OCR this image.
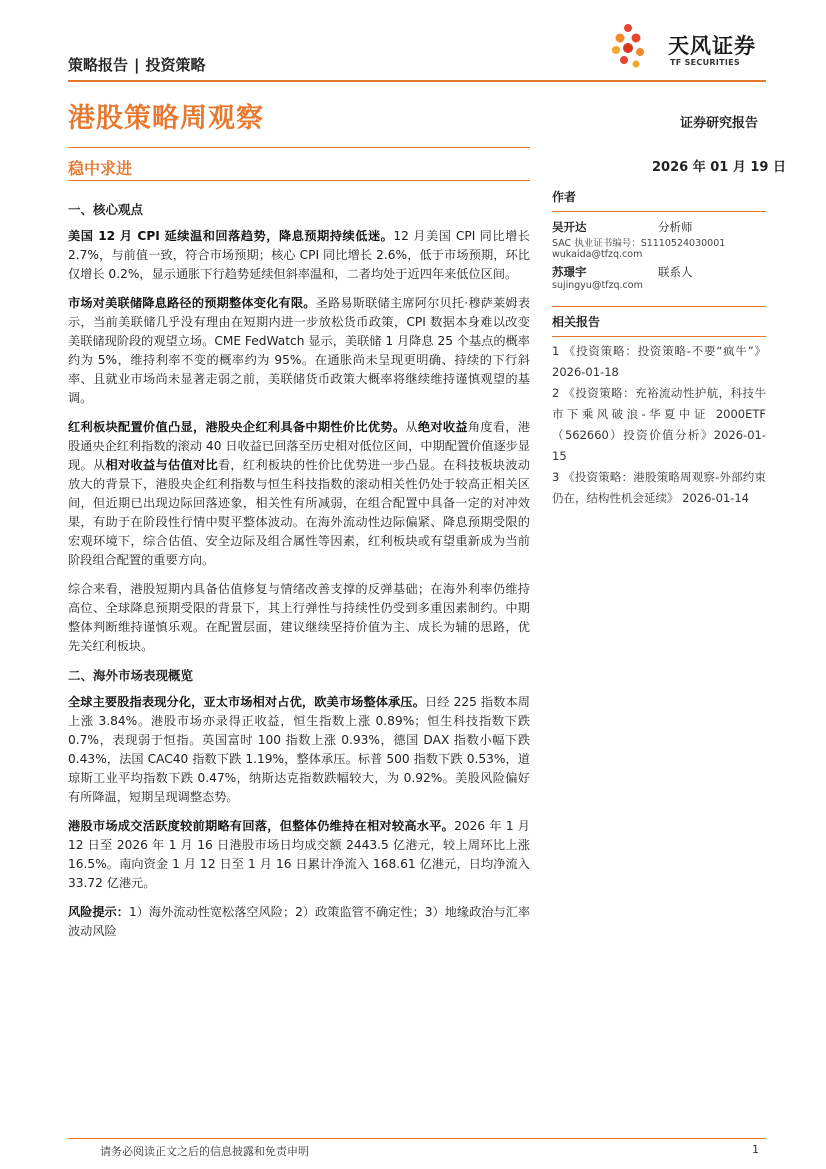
策略报告 | 投资策略
天风证券
TF SECURITIES
港股策略周观察	证券研究报告
稳中求进	2026 年 01 月 19 日
一、核心观点

美国 12 月 CPI 延续温和回落趋势，降息预期持续低迷。12 月美国 CPI 同比增长 2.7%，与前值一致，符合市场预期；核心 CPI 同比增长 2.6%，低于市场预期，环比仅增长 0.2%，显示通胀下行趋势延续但斜率温和，二者均处于近四年来低位区间。

市场对美联储降息路径的预期整体变化有限。圣路易斯联储主席阿尔贝托·穆萨莱姆表示，当前美联储几乎没有理由在短期内进一步放松货币政策，CPI 数据本身难以改变美联储现阶段的观望立场。CME FedWatch 显示，美联储 1 月降息 25 个基点的概率约为 5%，维持利率不变的概率约为 95%。在通胀尚未呈现更明确、持续的下行斜率、且就业市场尚未显著走弱之前，美联储货币政策大概率将继续维持谨慎观望的基调。

红利板块配置价值凸显，港股央企红利具备中期性价比优势。从绝对收益角度看，港股通央企红利指数的滚动 40 日收益已回落至历史相对低位区间，中期配置价值逐步显现。从相对收益与估值对比看，红利板块的性价比优势进一步凸显。在科技板块波动放大的背景下，港股央企红利指数与恒生科技指数的滚动相关性仍处于较高正相关区间，但近期已出现边际回落迹象，相关性有所减弱，在组合配置中具备一定的对冲效果，有助于在阶段性行情中熨平整体波动。在海外流动性边际偏紧、降息预期受限的宏观环境下，综合估值、安全边际及组合属性等因素，红利板块或有望重新成为当前阶段组合配置的重要方向。

综合来看，港股短期内具备估值修复与情绪改善支撑的反弹基础；在海外利率仍维持高位、全球降息预期受限的背景下，其上行弹性与持续性仍受到多重因素制约。中期整体判断维持谨慎乐观。在配置层面，建议继续坚持价值为主、成长为辅的思路，优先关红利板块。

二、海外市场表现概览

全球主要股指表现分化，亚太市场相对占优，欧美市场整体承压。日经 225 指数本周上涨 3.84%。港股市场亦录得正收益，恒生指数上涨 0.89%；恒生科技指数下跌 0.7%，表现弱于恒指。英国富时 100 指数上涨 0.93%，德国 DAX 指数小幅下跌 0.43%，法国 CAC40 指数下跌 1.19%，整体承压。标普 500 指数下跌 0.53%，道琼斯工业平均指数下跌 0.47%，纳斯达克指数跌幅较大，为 0.92%。美股风险偏好有所降温，短期呈现调整态势。

港股市场成交活跃度较前期略有回落，但整体仍维持在相对较高水平。2026 年 1 月 12 日至 2026 年 1 月 16 日港股市场日均成交额 2443.5 亿港元，较上周环比上涨 16.5%。南向资金 1 月 12 日至 1 月 16 日累计净流入 168.61 亿港元，日均净流入 33.72 亿港元。

风险提示：1）海外流动性宽松落空风险；2）政策监管不确定性；3）地缘政治与汇率波动风险

作者
吴开达	分析师
SAC 执业证书编号：S1110524030001
wukaida@tfzq.com
苏璟宇	联系人
sujingyu@tfzq.com
相关报告
1 《投资策略：投资策略-不要“疯牛”》 2026-01-18
2 《投资策略：充裕流动性护航，科技牛市下乘风破浪-华夏中证 2000ETF（562660）投资价值分析》2026-01-15
3 《投资策略：港股策略周观察-外部约束仍在，结构性机会延续》 2026-01-14
请务必阅读正文之后的信息披露和免责申明	1
